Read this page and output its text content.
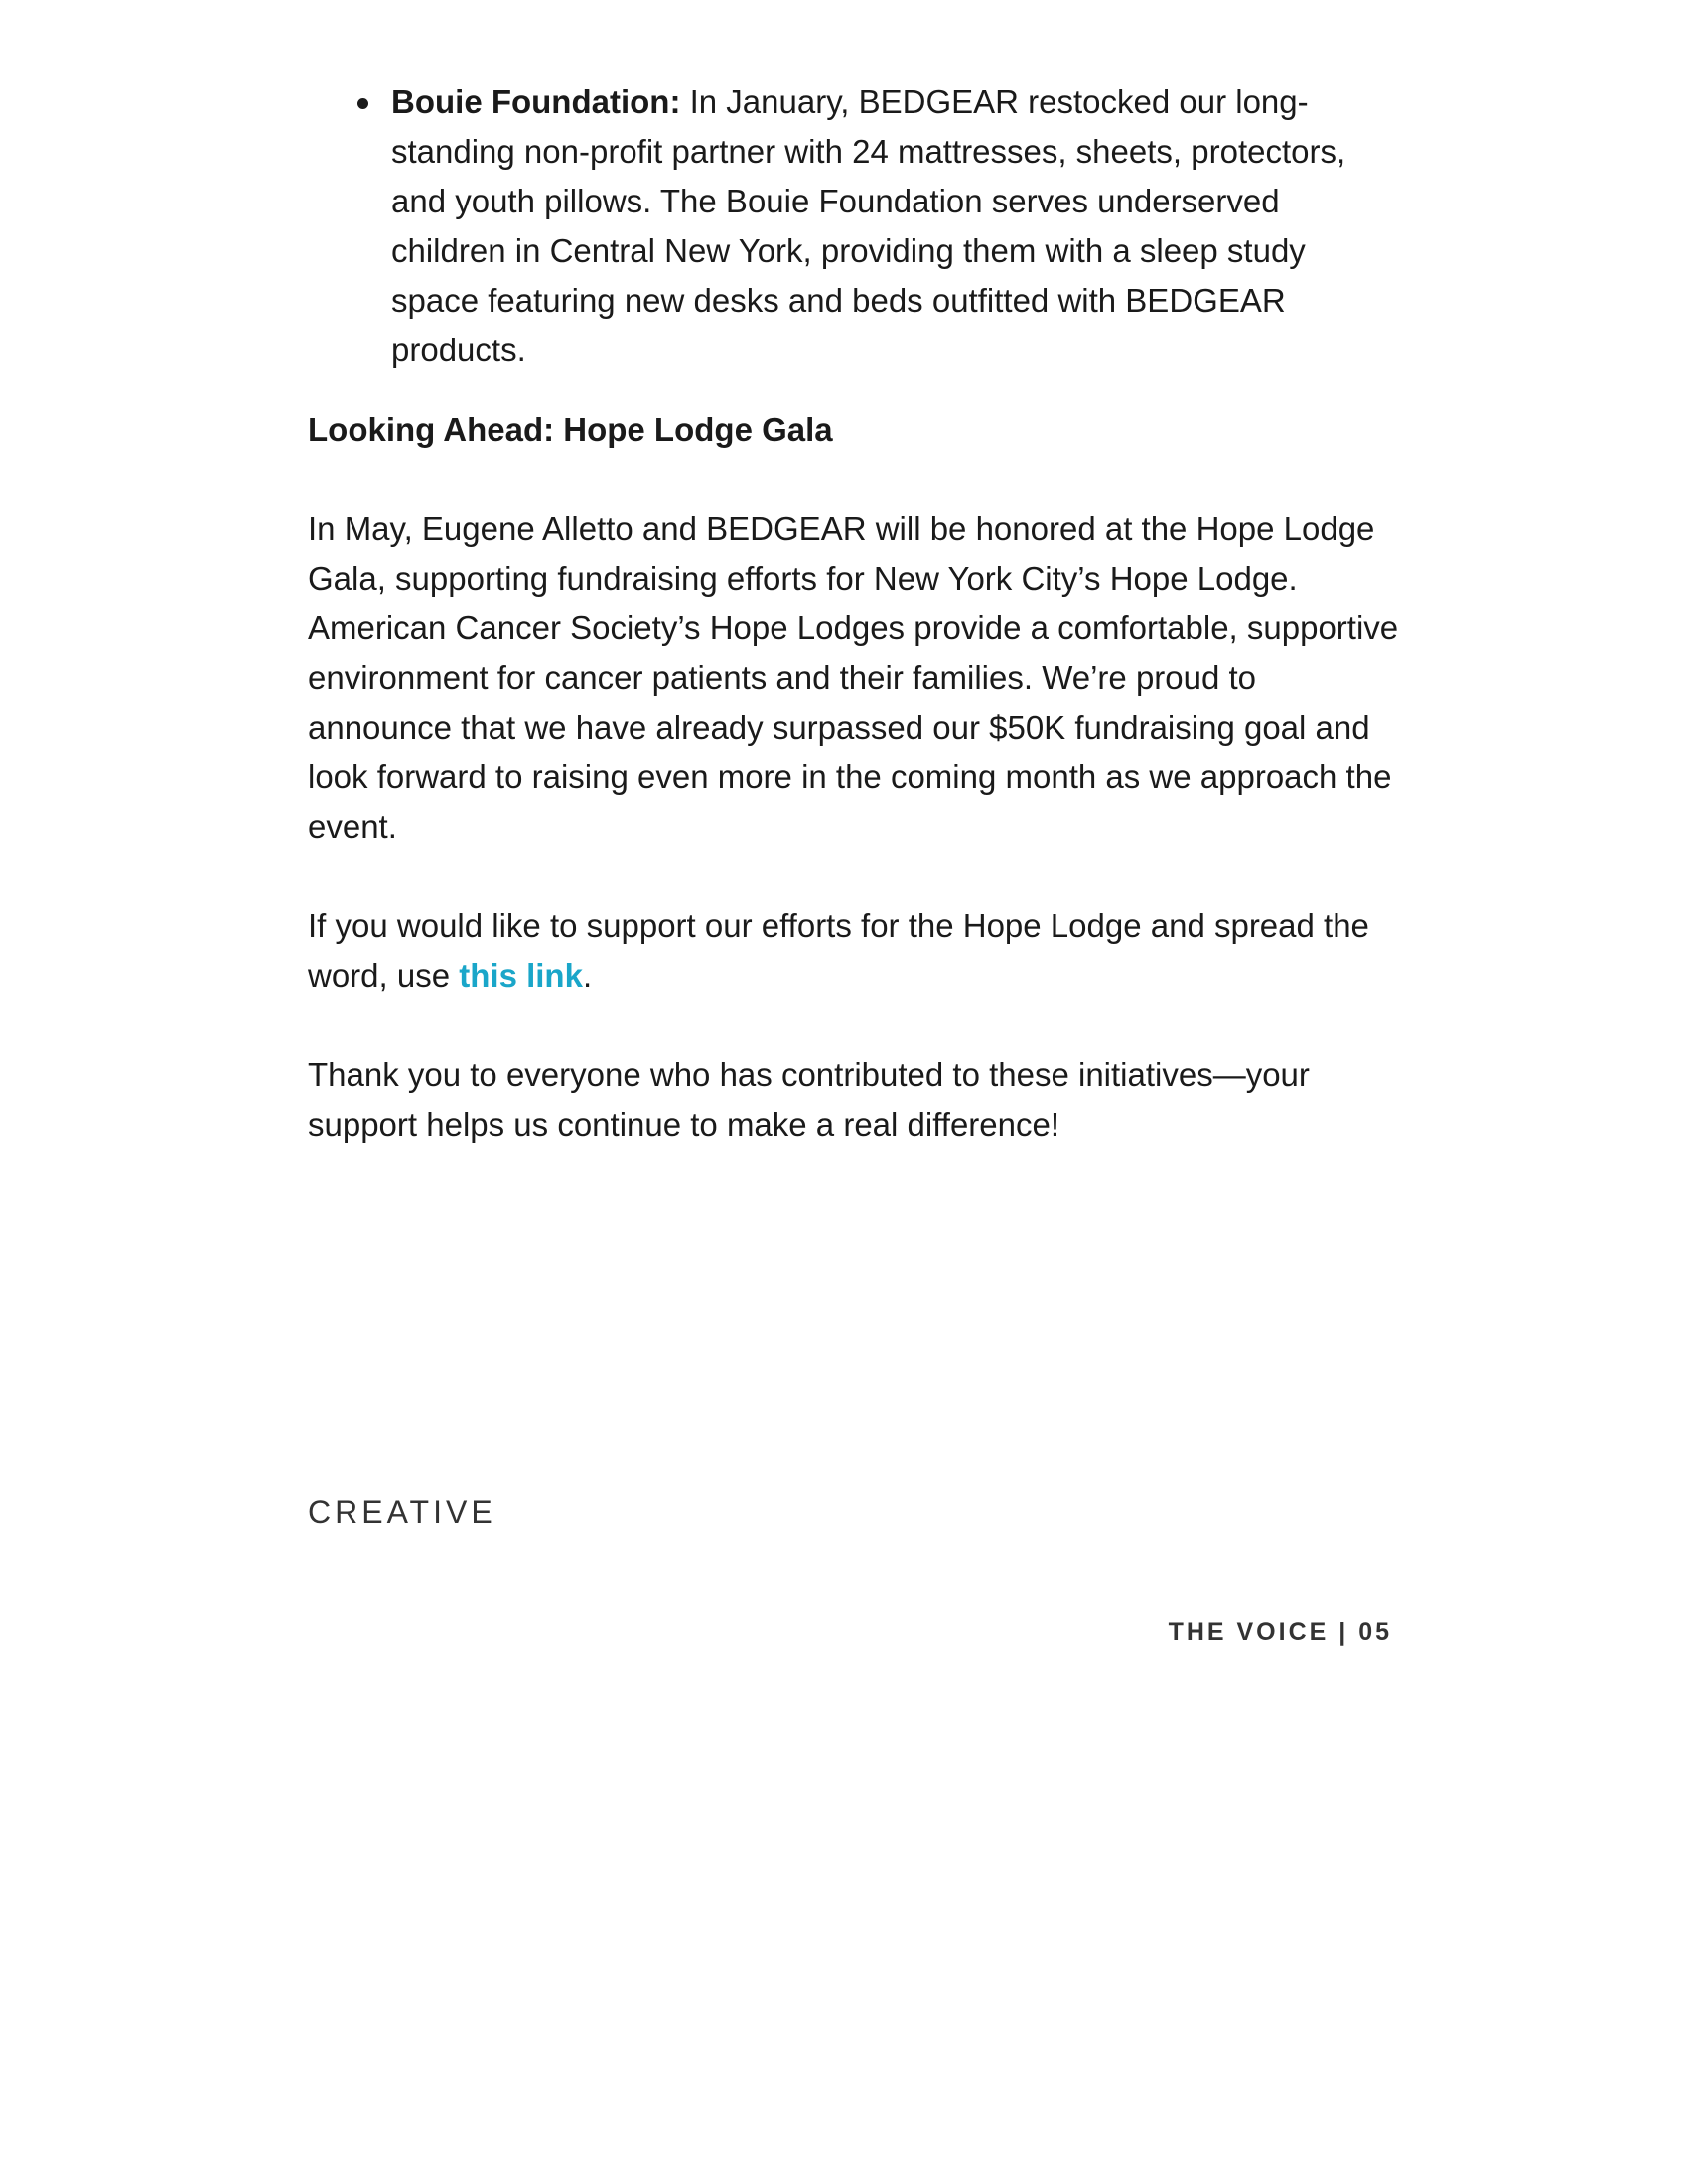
Bouie Foundation: In January, BEDGEAR restocked our long-standing non-profit partner with 24 mattresses, sheets, protectors, and youth pillows. The Bouie Foundation serves underserved children in Central New York, providing them with a sleep study space featuring new desks and beds outfitted with BEDGEAR products.

Looking Ahead: Hope Lodge Gala

In May, Eugene Alletto and BEDGEAR will be honored at the Hope Lodge Gala, supporting fundraising efforts for New York City’s Hope Lodge. American Cancer Society’s Hope Lodges provide a comfortable, supportive environment for cancer patients and their families. We’re proud to announce that we have already surpassed our $50K fundraising goal and look forward to raising even more in the coming month as we approach the event.

If you would like to support our efforts for the Hope Lodge and spread the word, use this link.

Thank you to everyone who has contributed to these initiatives—your support helps us continue to make a real difference!

CREATIVE
THE VOICE | 05
